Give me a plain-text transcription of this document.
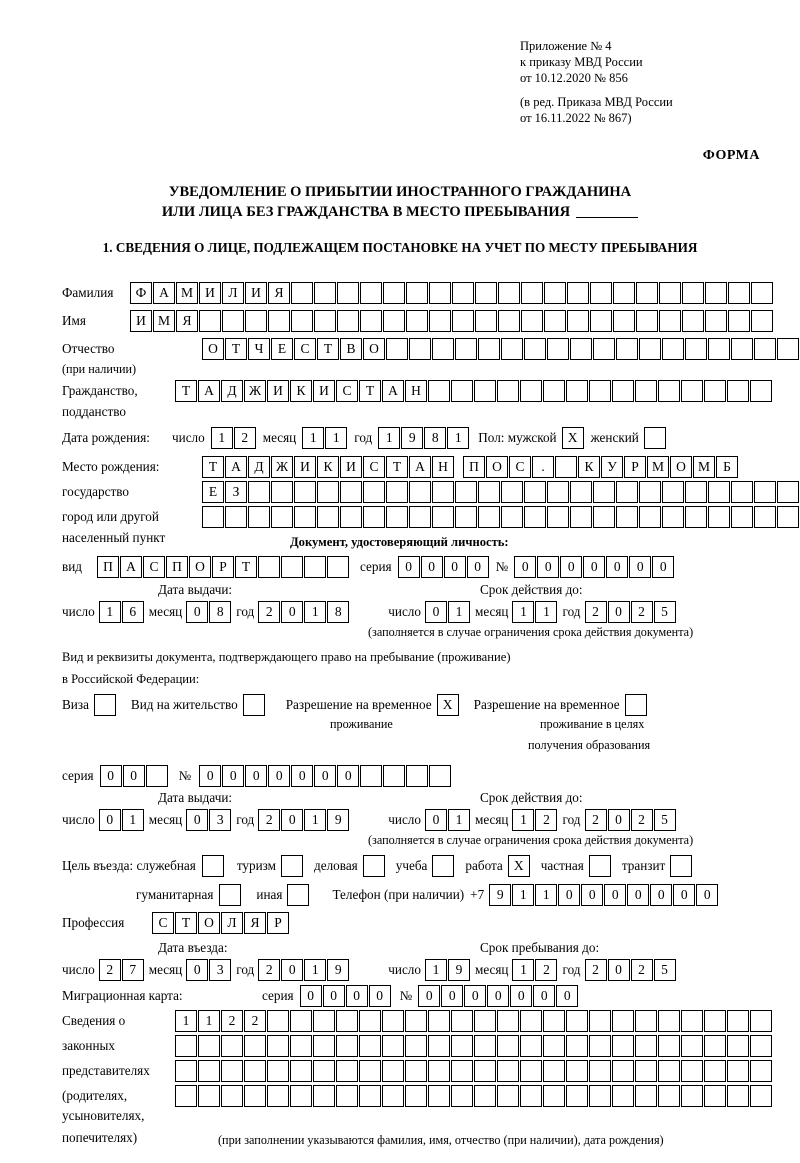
Приложение № 4
к приказу МВД России
от 10.12.2020 № 856
(в ред. Приказа МВД России
от 16.11.2022 № 867)
ФОРМА
УВЕДОМЛЕНИЕ О ПРИБЫТИИ ИНОСТРАННОГО ГРАЖДАНИНА
ИЛИ ЛИЦА БЕЗ ГРАЖДАНСТВА В МЕСТО ПРЕБЫВАНИЯ
1. СВЕДЕНИЯ О ЛИЦЕ, ПОДЛЕЖАЩЕМ ПОСТАНОВКЕ НА УЧЕТ ПО МЕСТУ ПРЕБЫВАНИЯ
Фамилия	Ф А М И	Л	И	Я
Имя	И М Я
Отчество	О	Т	Ч	Е	С	Т	В	О
(при наличии)
Гражданство,	Т	А	Д Ж И	К	И	С	Т	А Н
подданство
Дата рождения:	число	1	2	месяц	1	1	год	1	9	8	1	Пол: мужской X женский
Место рождения:	Т	А	Д Ж И	К	И	С	Т	А Н	П О	С	.
	К	У	Р М О М Б
государство	Е	З
город или другой
населенный пункт	Документ, удостоверяющий личность:
вид	П А	С	П О	Р	Т	серия	0	0	0	0	№	0	0	0	0	0	0	0
Дата выдачи:	Срок действия до:
число 1	6 месяц 0	8 год 2	0	1	8	число 0	1 месяц 1	1 год 2	0	2	5
(заполняется в случае ограничения срока действия документа)
Вид и реквизиты документа, подтверждающего право на пребывание (проживание)
в Российской Федерации:
Виза	Вид на жительство	Разрешение на временное X	Разрешение на временное
проживание	проживание в целях
получения образования
серия	0	0	№	0	0	0	0	0	0	0
Дата выдачи:	Срок действия до:
число 0	1 месяц 0	3 год 2	0	1	9	число 0	1 месяц 1	2 год 2	0	2	5
(заполняется в случае ограничения срока действия документа)
Цель въезда: служебная	туризм	деловая	учеба	работа X	частная	транзит
гуманитарная	иная	Телефон (при наличии) +7 9	1	1	0	0	0	0	0	0	0
Профессия	С	Т	О	Л	Я	Р
Дата въезда:	Срок пребывания до:
число 2	7 месяц 0	3 год 2	0	1	9	число 1	9 месяц 1	2 год 2	0	2	5
Миграционная карта:	серия	0	0	0	0	№	0	0	0	0	0	0	0
Сведения о	1	1	2	2
законных
представителях
(родителях,
усыновителях,
попечителях)	(при заполнении указываются фамилия, имя, отчество (при наличии), дата рождения)
